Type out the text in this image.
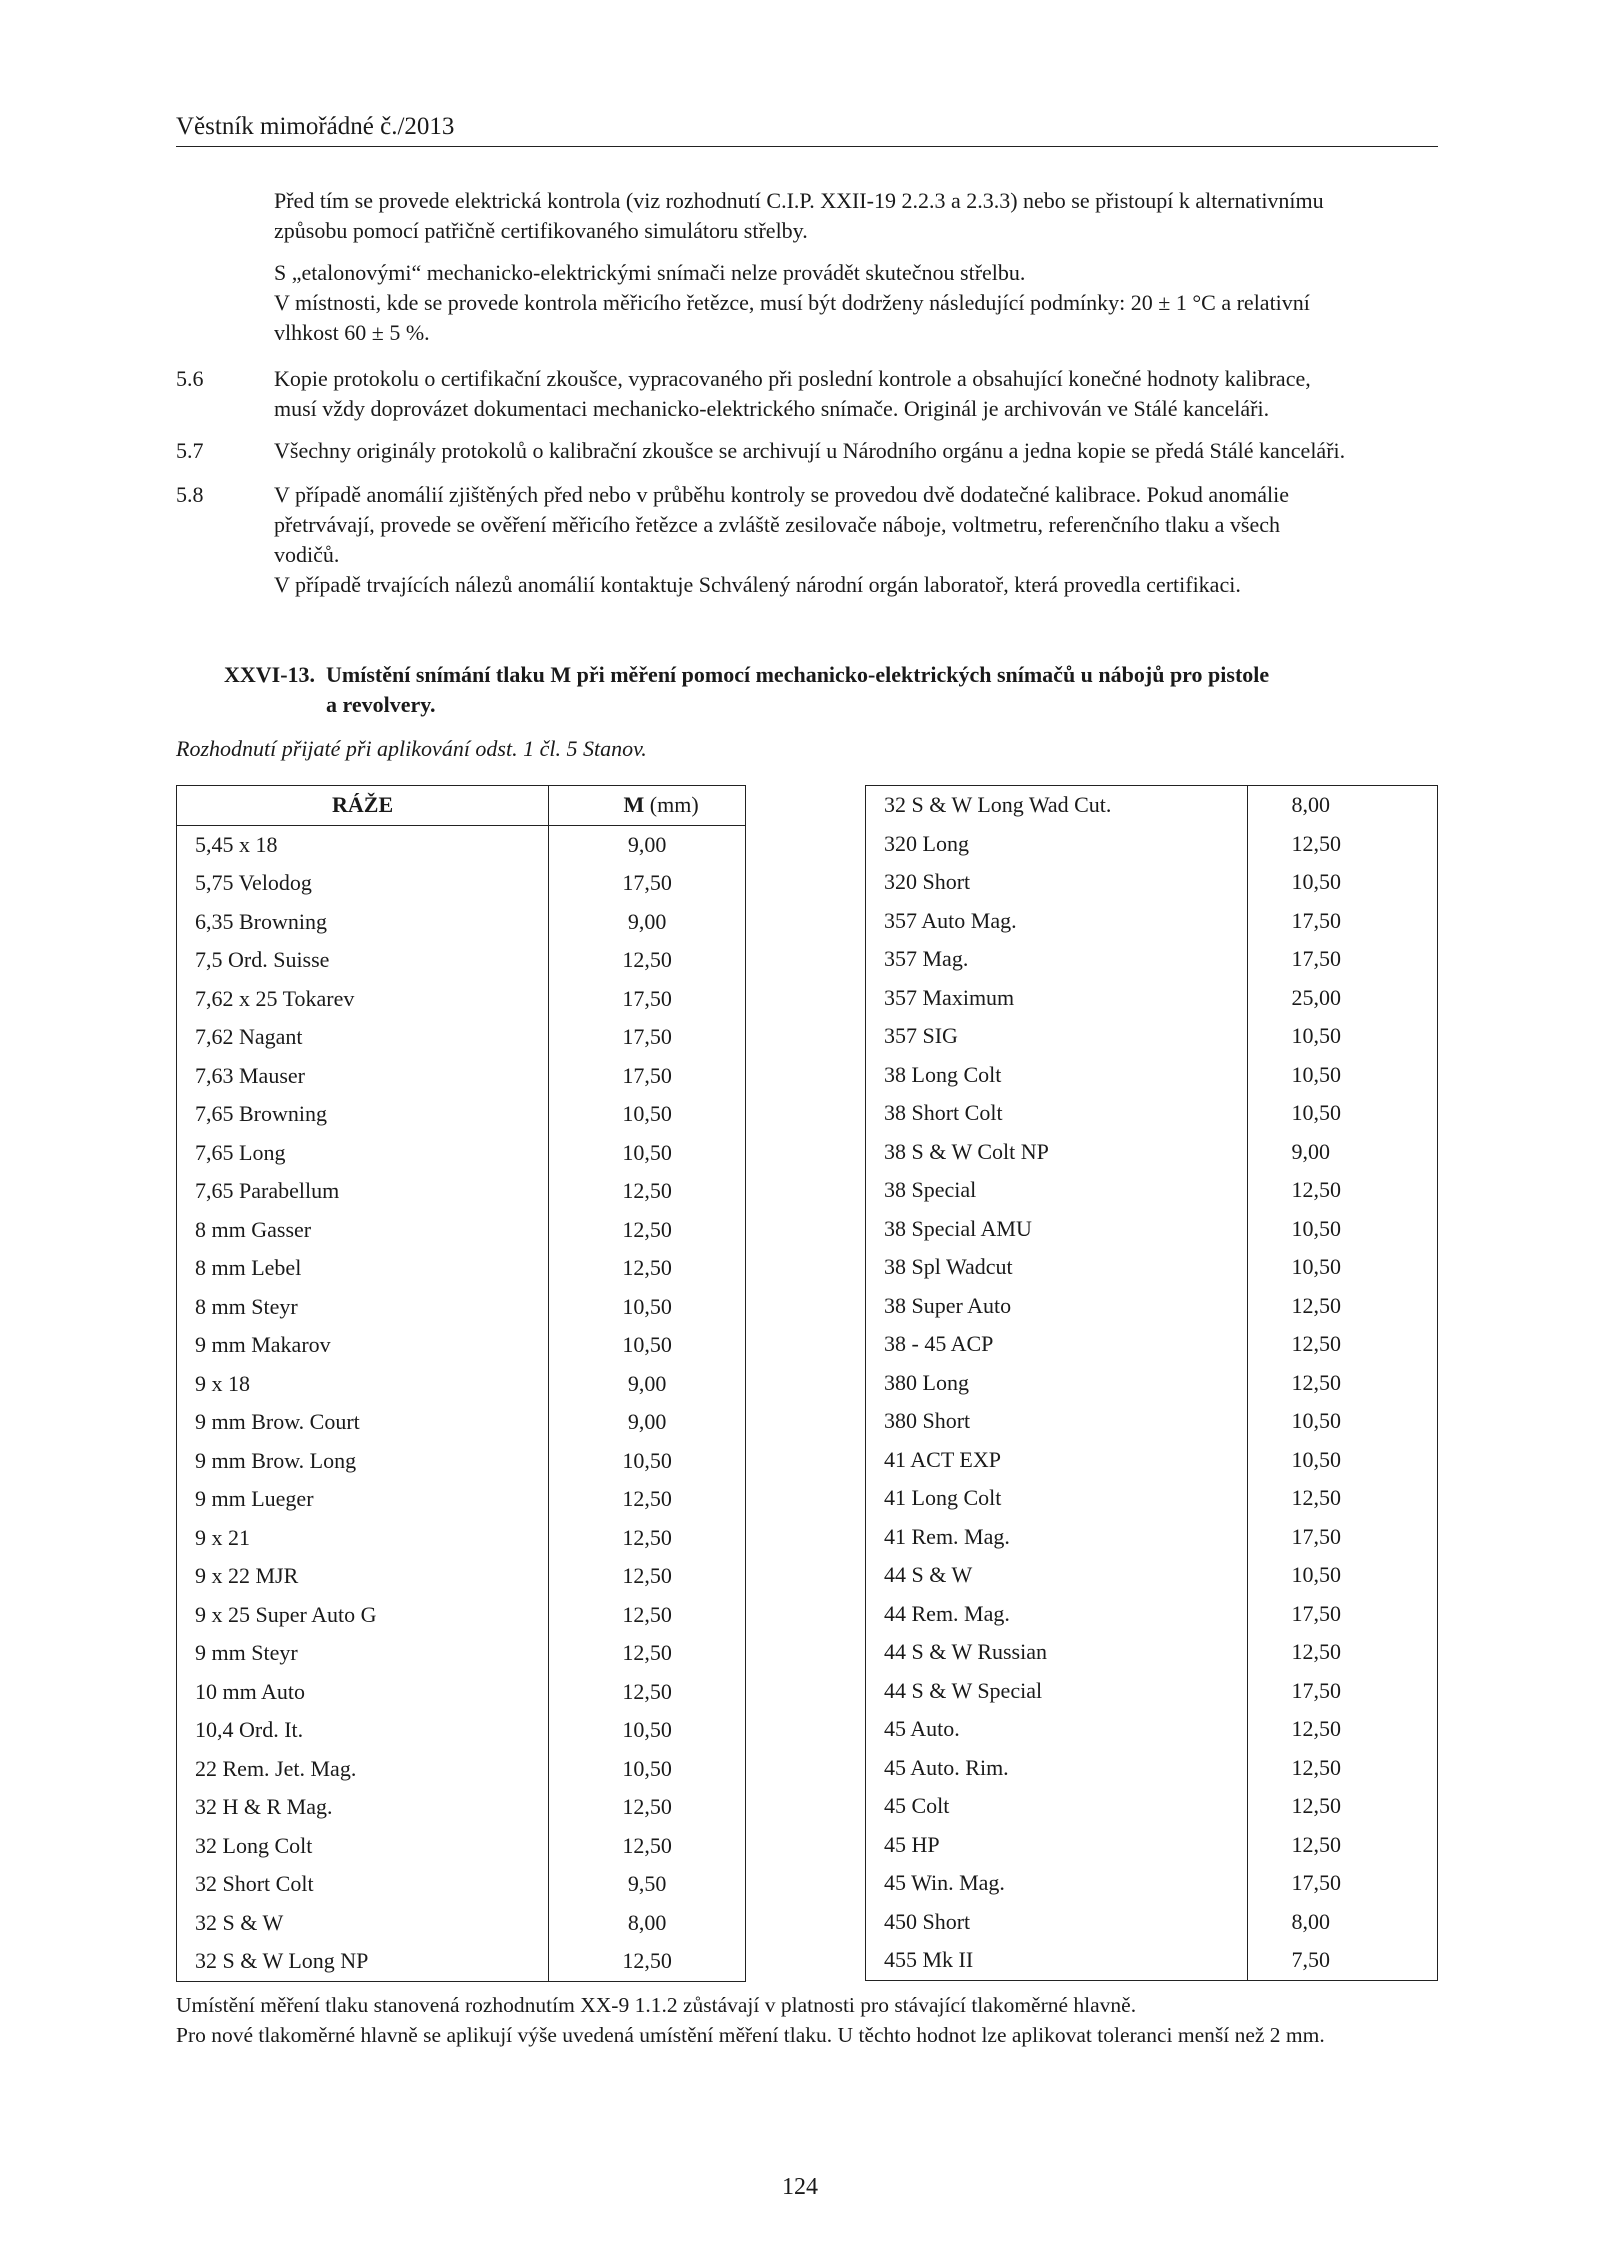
Věstník mimořádné č./2013
Před tím se provede elektrická kontrola (viz rozhodnutí C.I.P. XXII-19 2.2.3 a 2.3.3) nebo se přistoupí k alternativnímu
způsobu pomocí patřičně certifikovaného simulátoru střelby.
S „etalonovými“ mechanicko-elektrickými snímači nelze provádět skutečnou střelbu.
V místnosti, kde se provede kontrola měřicího řetězce, musí být dodrženy následující podmínky: 20 ± 1 °C a relativní
vlhkost 60 ± 5 %.
5.6	Kopie protokolu o certifikační zkoušce, vypracovaného při poslední kontrole a obsahující konečné hodnoty kalibrace,
musí vždy doprovázet dokumentaci mechanicko-elektrického snímače. Originál je archivován ve Stálé kanceláři.
5.7	Všechny originály protokolů o kalibrační zkoušce se archivují u Národního orgánu a jedna kopie se předá Stálé kanceláři.
5.8	V případě anomálií zjištěných před nebo v průběhu kontroly se provedou dvě dodatečné kalibrace. Pokud anomálie
přetrvávají, provede se ověření měřicího řetězce a zvláště zesilovače náboje, voltmetru, referenčního tlaku a všech
vodičů.
V případě trvajících nálezů anomálií kontaktuje Schválený národní orgán laboratoř, která provedla certifikaci.
XXVI-13. Umístění snímání tlaku M při měření pomocí mechanicko-elektrických snímačů u nábojů pro pistole
a revolvery.
Rozhodnutí přijaté při aplikování odst. 1 čl. 5 Stanov.
RÁŽE	M (mm)
5,45 x 18	9,00
5,75 Velodog	17,50
6,35 Browning	9,00
7,5 Ord. Suisse	12,50
7,62 x 25 Tokarev	17,50
7,62 Nagant	17,50
7,63 Mauser	17,50
7,65 Browning	10,50
7,65 Long	10,50
7,65 Parabellum	12,50
8 mm Gasser	12,50
8 mm Lebel	12,50
8 mm Steyr	10,50
9 mm Makarov	10,50
9 x 18	9,00
9 mm Brow. Court	9,00
9 mm Brow. Long	10,50
9 mm Lueger	12,50
9 x 21	12,50
9 x 22 MJR	12,50
9 x 25 Super Auto G	12,50
9 mm Steyr	12,50
10 mm Auto	12,50
10,4 Ord. It.	10,50
22 Rem. Jet. Mag.	10,50
32 H & R Mag.	12,50
32 Long Colt	12,50
32 Short Colt	9,50
32 S & W	8,00
32 S & W Long NP	12,50
32 S & W Long Wad Cut.	8,00
320 Long	12,50
320 Short	10,50
357 Auto Mag.	17,50
357 Mag.	17,50
357 Maximum	25,00
357 SIG	10,50
38 Long Colt	10,50
38 Short Colt	10,50
38 S & W Colt NP	9,00
38 Special	12,50
38 Special AMU	10,50
38 Spl Wadcut	10,50
38 Super Auto	12,50
38 - 45 ACP	12,50
380 Long	12,50
380 Short	10,50
41 ACT EXP	10,50
41 Long Colt	12,50
41 Rem. Mag.	17,50
44 S & W	10,50
44 Rem. Mag.	17,50
44 S & W Russian	12,50
44 S & W Special	17,50
45 Auto.	12,50
45 Auto. Rim.	12,50
45 Colt	12,50
45 HP	12,50
45 Win. Mag.	17,50
450 Short	8,00
455 Mk II	7,50
Umístění měření tlaku stanovená rozhodnutím XX-9 1.1.2 zůstávají v platnosti pro stávající tlakoměrné hlavně.
Pro nové tlakoměrné hlavně se aplikují výše uvedená umístění měření tlaku. U těchto hodnot lze aplikovat toleranci menší než 2 mm.
124
